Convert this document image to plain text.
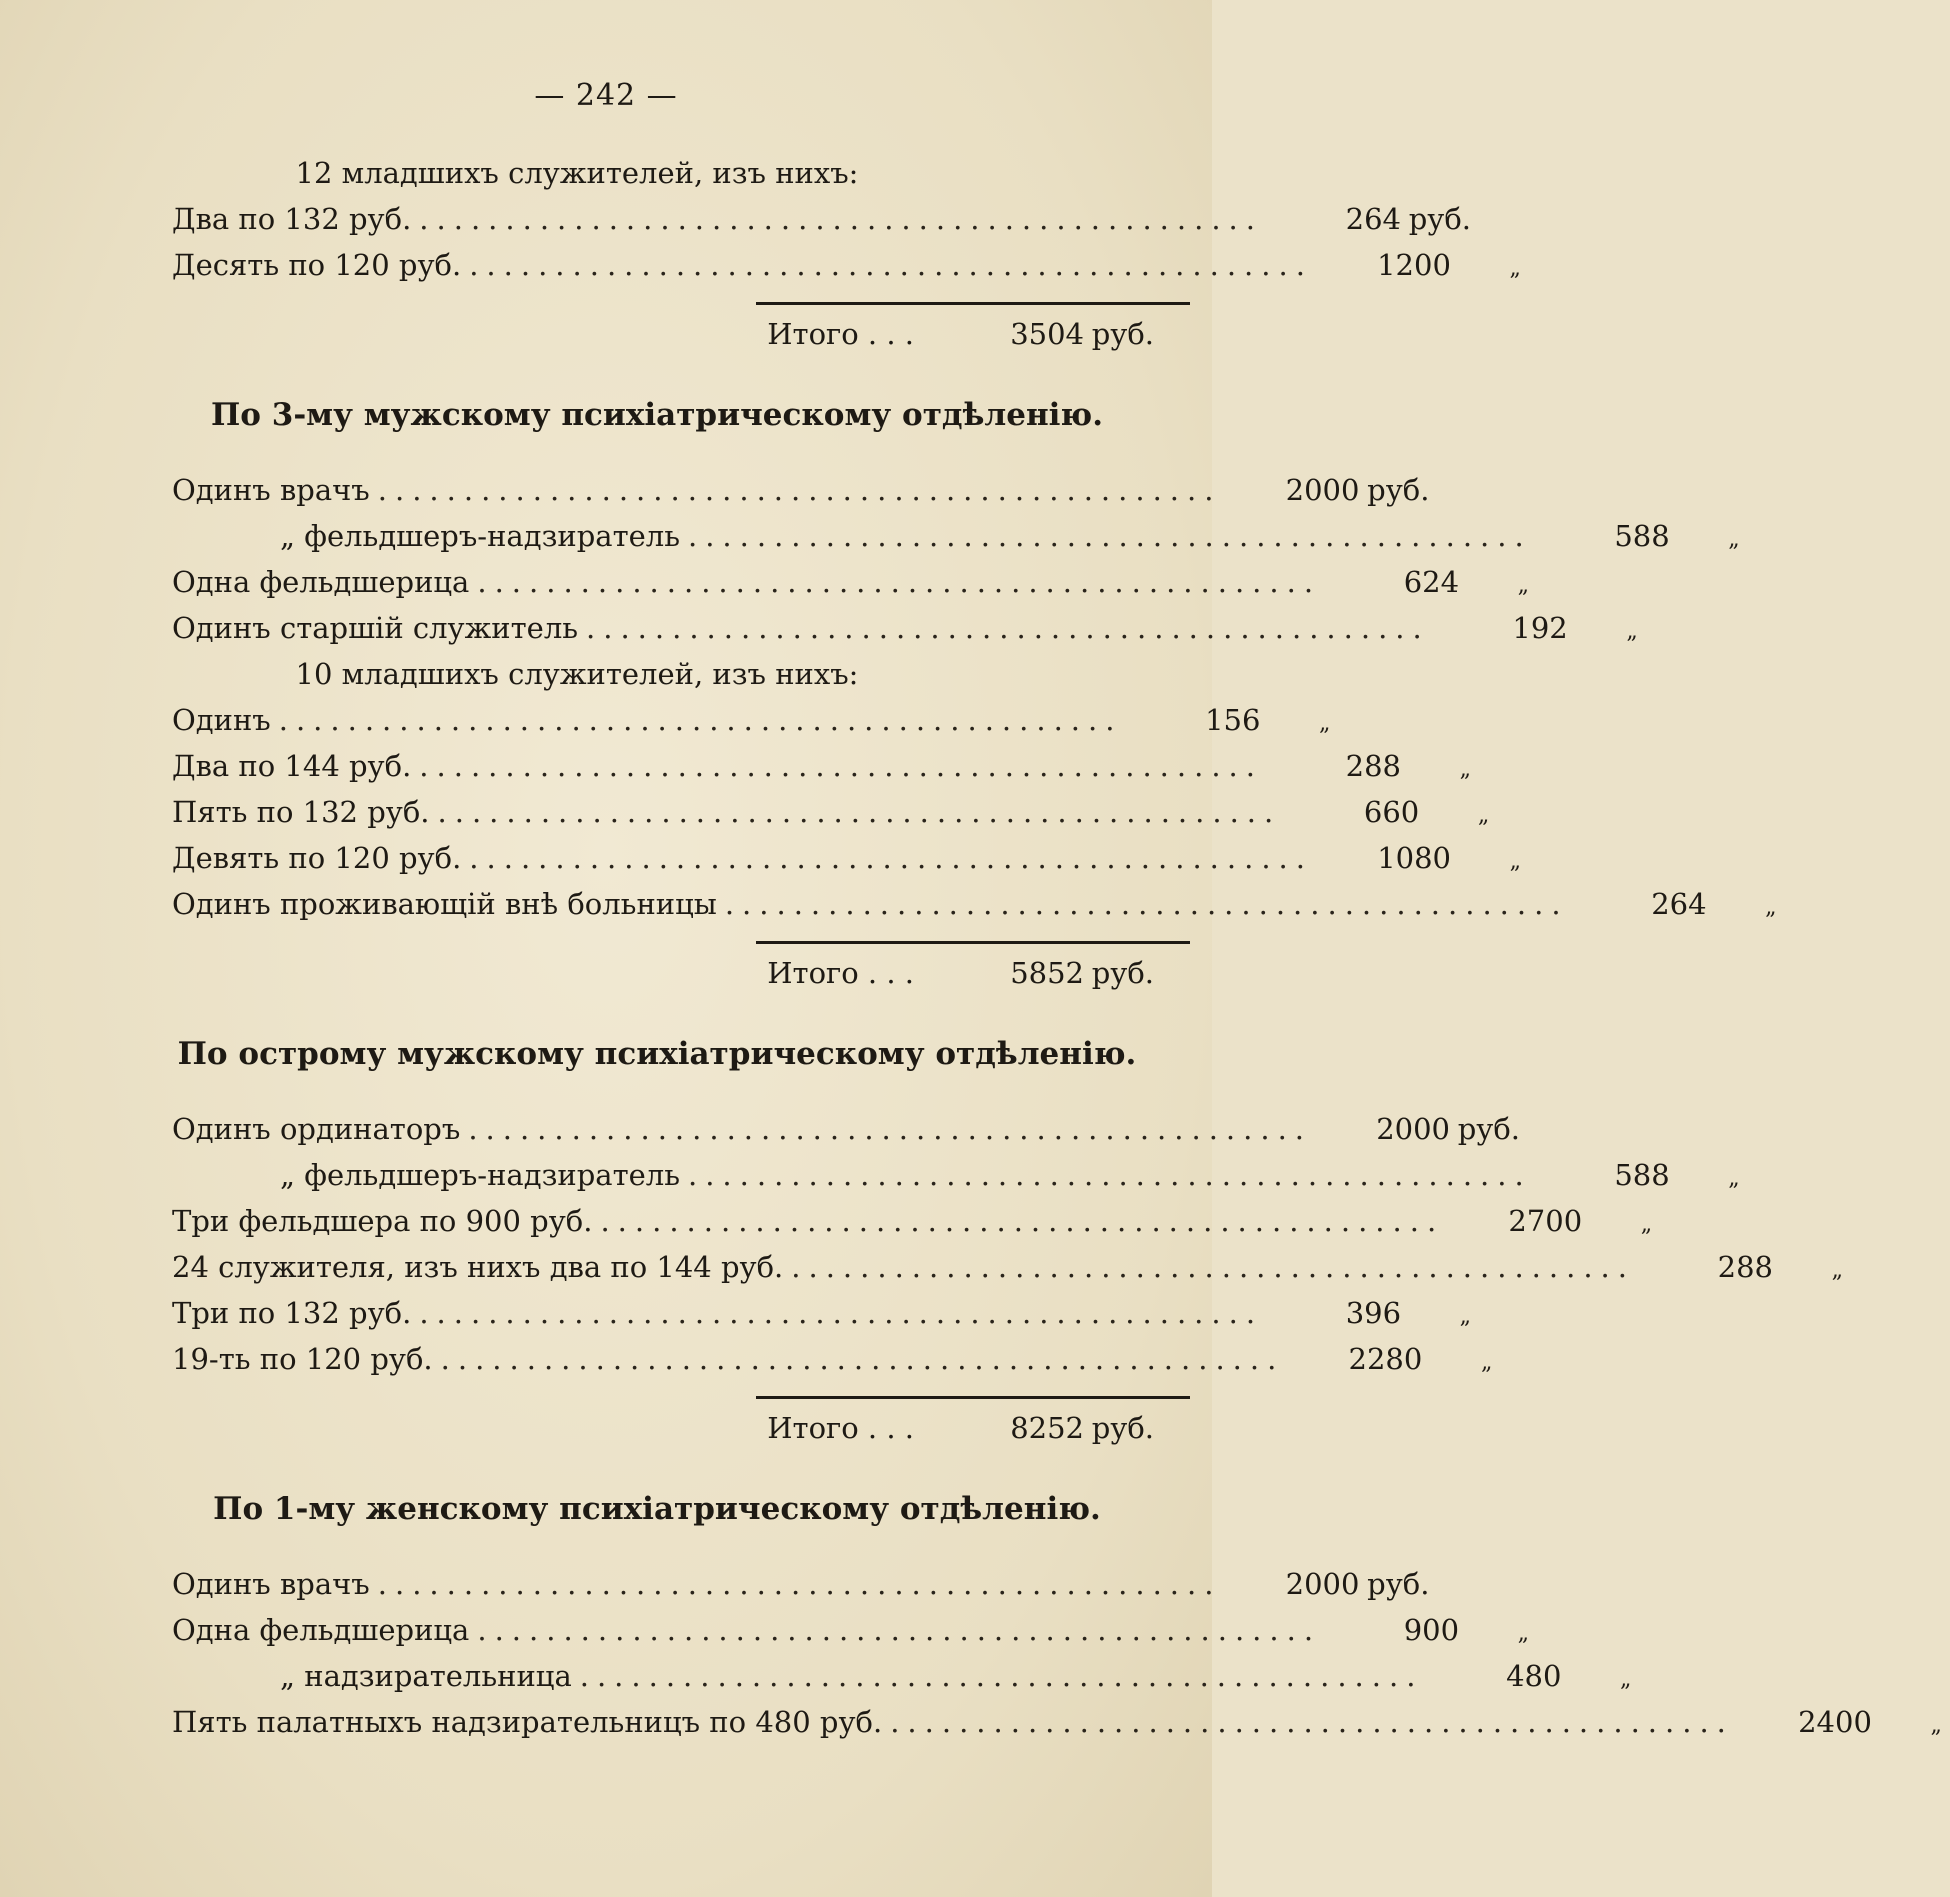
— 242 —
12 младшихъ служителей, изъ нихъ:
Два по 132 руб. .................................................	264 руб.
Десять по 120 руб. .................................................	1200	„
Итого . . .	3504 руб.
По 3-му мужскому психіатрическому отдѣленію.
Одинъ врачъ .................................................	2000 руб.
„ фельдшеръ-надзиратель .................................................	588	„
Одна фельдшерица .................................................	624	„
Одинъ старшій служитель .................................................	192	„
10 младшихъ служителей, изъ нихъ:
Одинъ .................................................	156	„
Два по 144 руб. .................................................	288	„
Пять по 132 руб. .................................................	660	„
Девять по 120 руб. .................................................	1080	„
Одинъ проживающій внѣ больницы .................................................	264	„
Итого . . .	5852 руб.
По острому мужскому психіатрическому отдѣленію.
Одинъ ординаторъ .................................................	2000 руб.
„ фельдшеръ-надзиратель .................................................	588	„
Три фельдшера по 900 руб. .................................................	2700	„
24 служителя, изъ нихъ два по 144 руб. .................................................	288	„
Три по 132 руб. .................................................	396	„
19-ть по 120 руб. .................................................	2280	„
Итого . . .	8252 руб.
По 1-му женскому психіатрическому отдѣленію.
Одинъ врачъ .................................................	2000 руб.
Одна фельдшерица .................................................	900	„
„ надзирательница .................................................	480	„
Пять палатныхъ надзирательницъ по 480 руб. .................................................	2400	„
